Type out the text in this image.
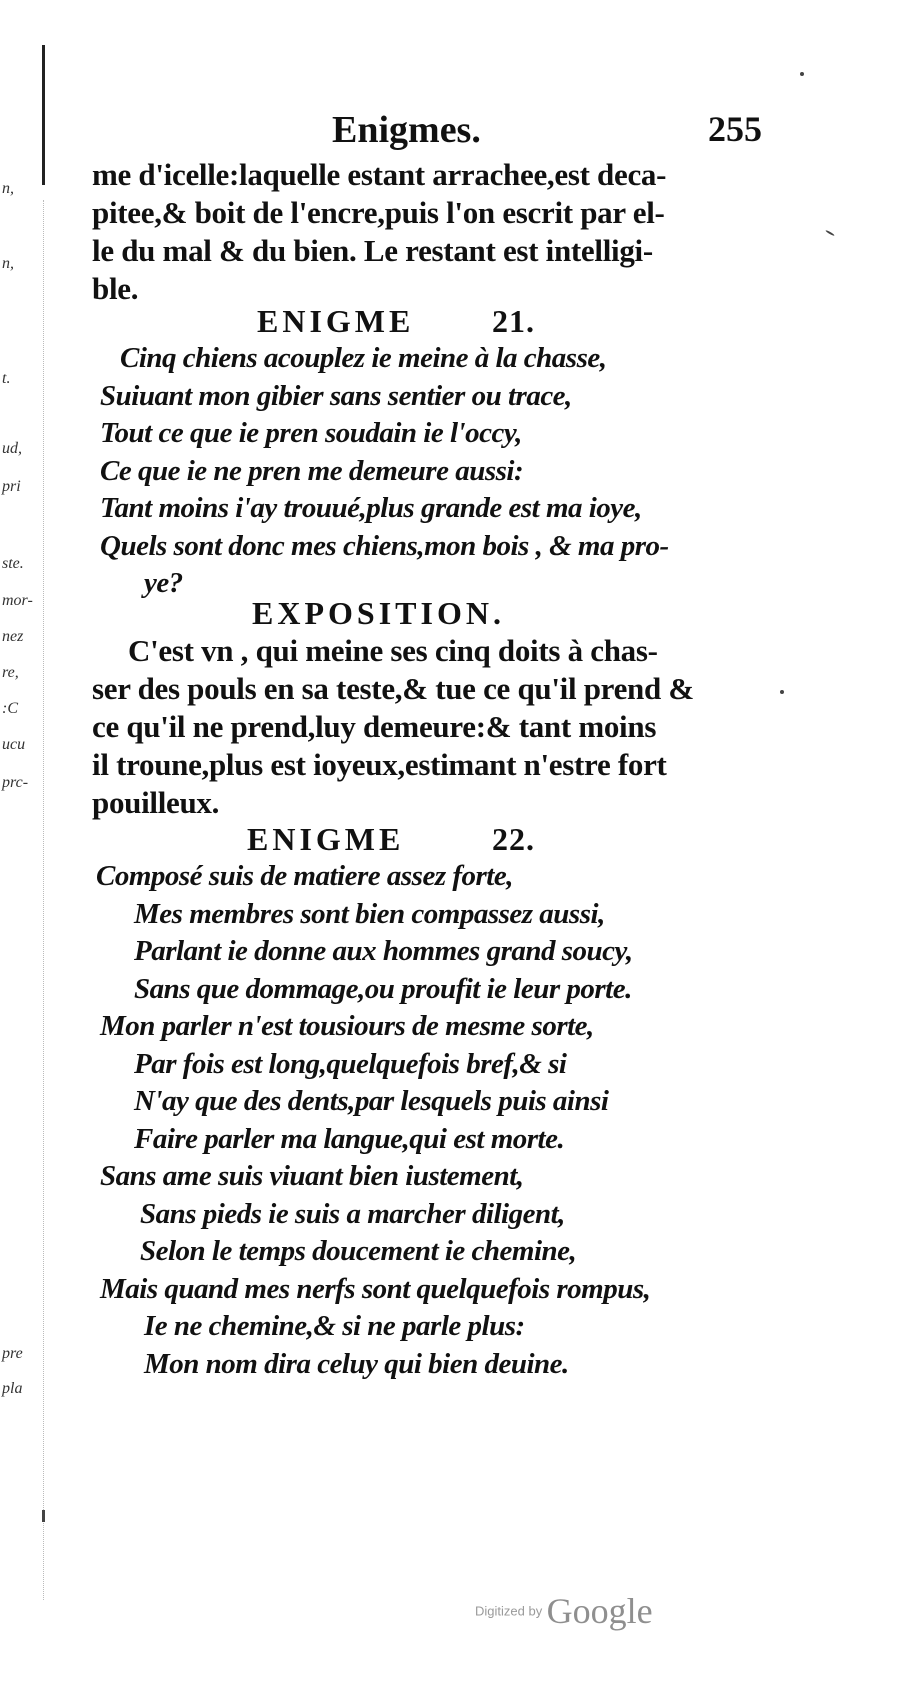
n,
n,
t.
ud,
pri
ste.
mor-
nez
re,
:C
ucu
prc-
pre
pla
Enigmes.	255
me d'icelle:laquelle estant arrachee,est deca-
pitee,& boit de l'encre,puis l'on escrit par el-
le du mal & du bien. Le restant est intelligi-
ble.
ENIGME 21.
Cinq chiens acouplez ie meine à la chasse,
Suiuant mon gibier sans sentier ou trace,
Tout ce que ie pren soudain ie l'occy,
Ce que ie ne pren me demeure aussi:
Tant moins i'ay trouué,plus grande est ma ioye,
Quels sont donc mes chiens,mon bois , & ma pro-
ye?
EXPOSITION.
C'est vn , qui meine ses cinq doits à chas-
ser des pouls en sa teste,& tue ce qu'il prend &
ce qu'il ne prend,luy demeure:& tant moins
il troune,plus est ioyeux,estimant n'estre fort
pouilleux.
ENIGME	22.
Composé suis de matiere assez forte,
Mes membres sont bien compassez aussi,
Parlant ie donne aux hommes grand soucy,
Sans que dommage,ou proufit ie leur porte.
Mon parler n'est tousiours de mesme sorte,
Par fois est long,quelquefois bref,& si
N'ay que des dents,par lesquels puis ainsi
Faire parler ma langue,qui est morte.
Sans ame suis viuant bien iustement,
Sans pieds ie suis a marcher diligent,
Selon le temps doucement ie chemine,
Mais quand mes nerfs sont quelquefois rompus,
Ie ne chemine,& si ne parle plus:
Mon nom dira celuy qui bien deuine.
Digitized by Google
